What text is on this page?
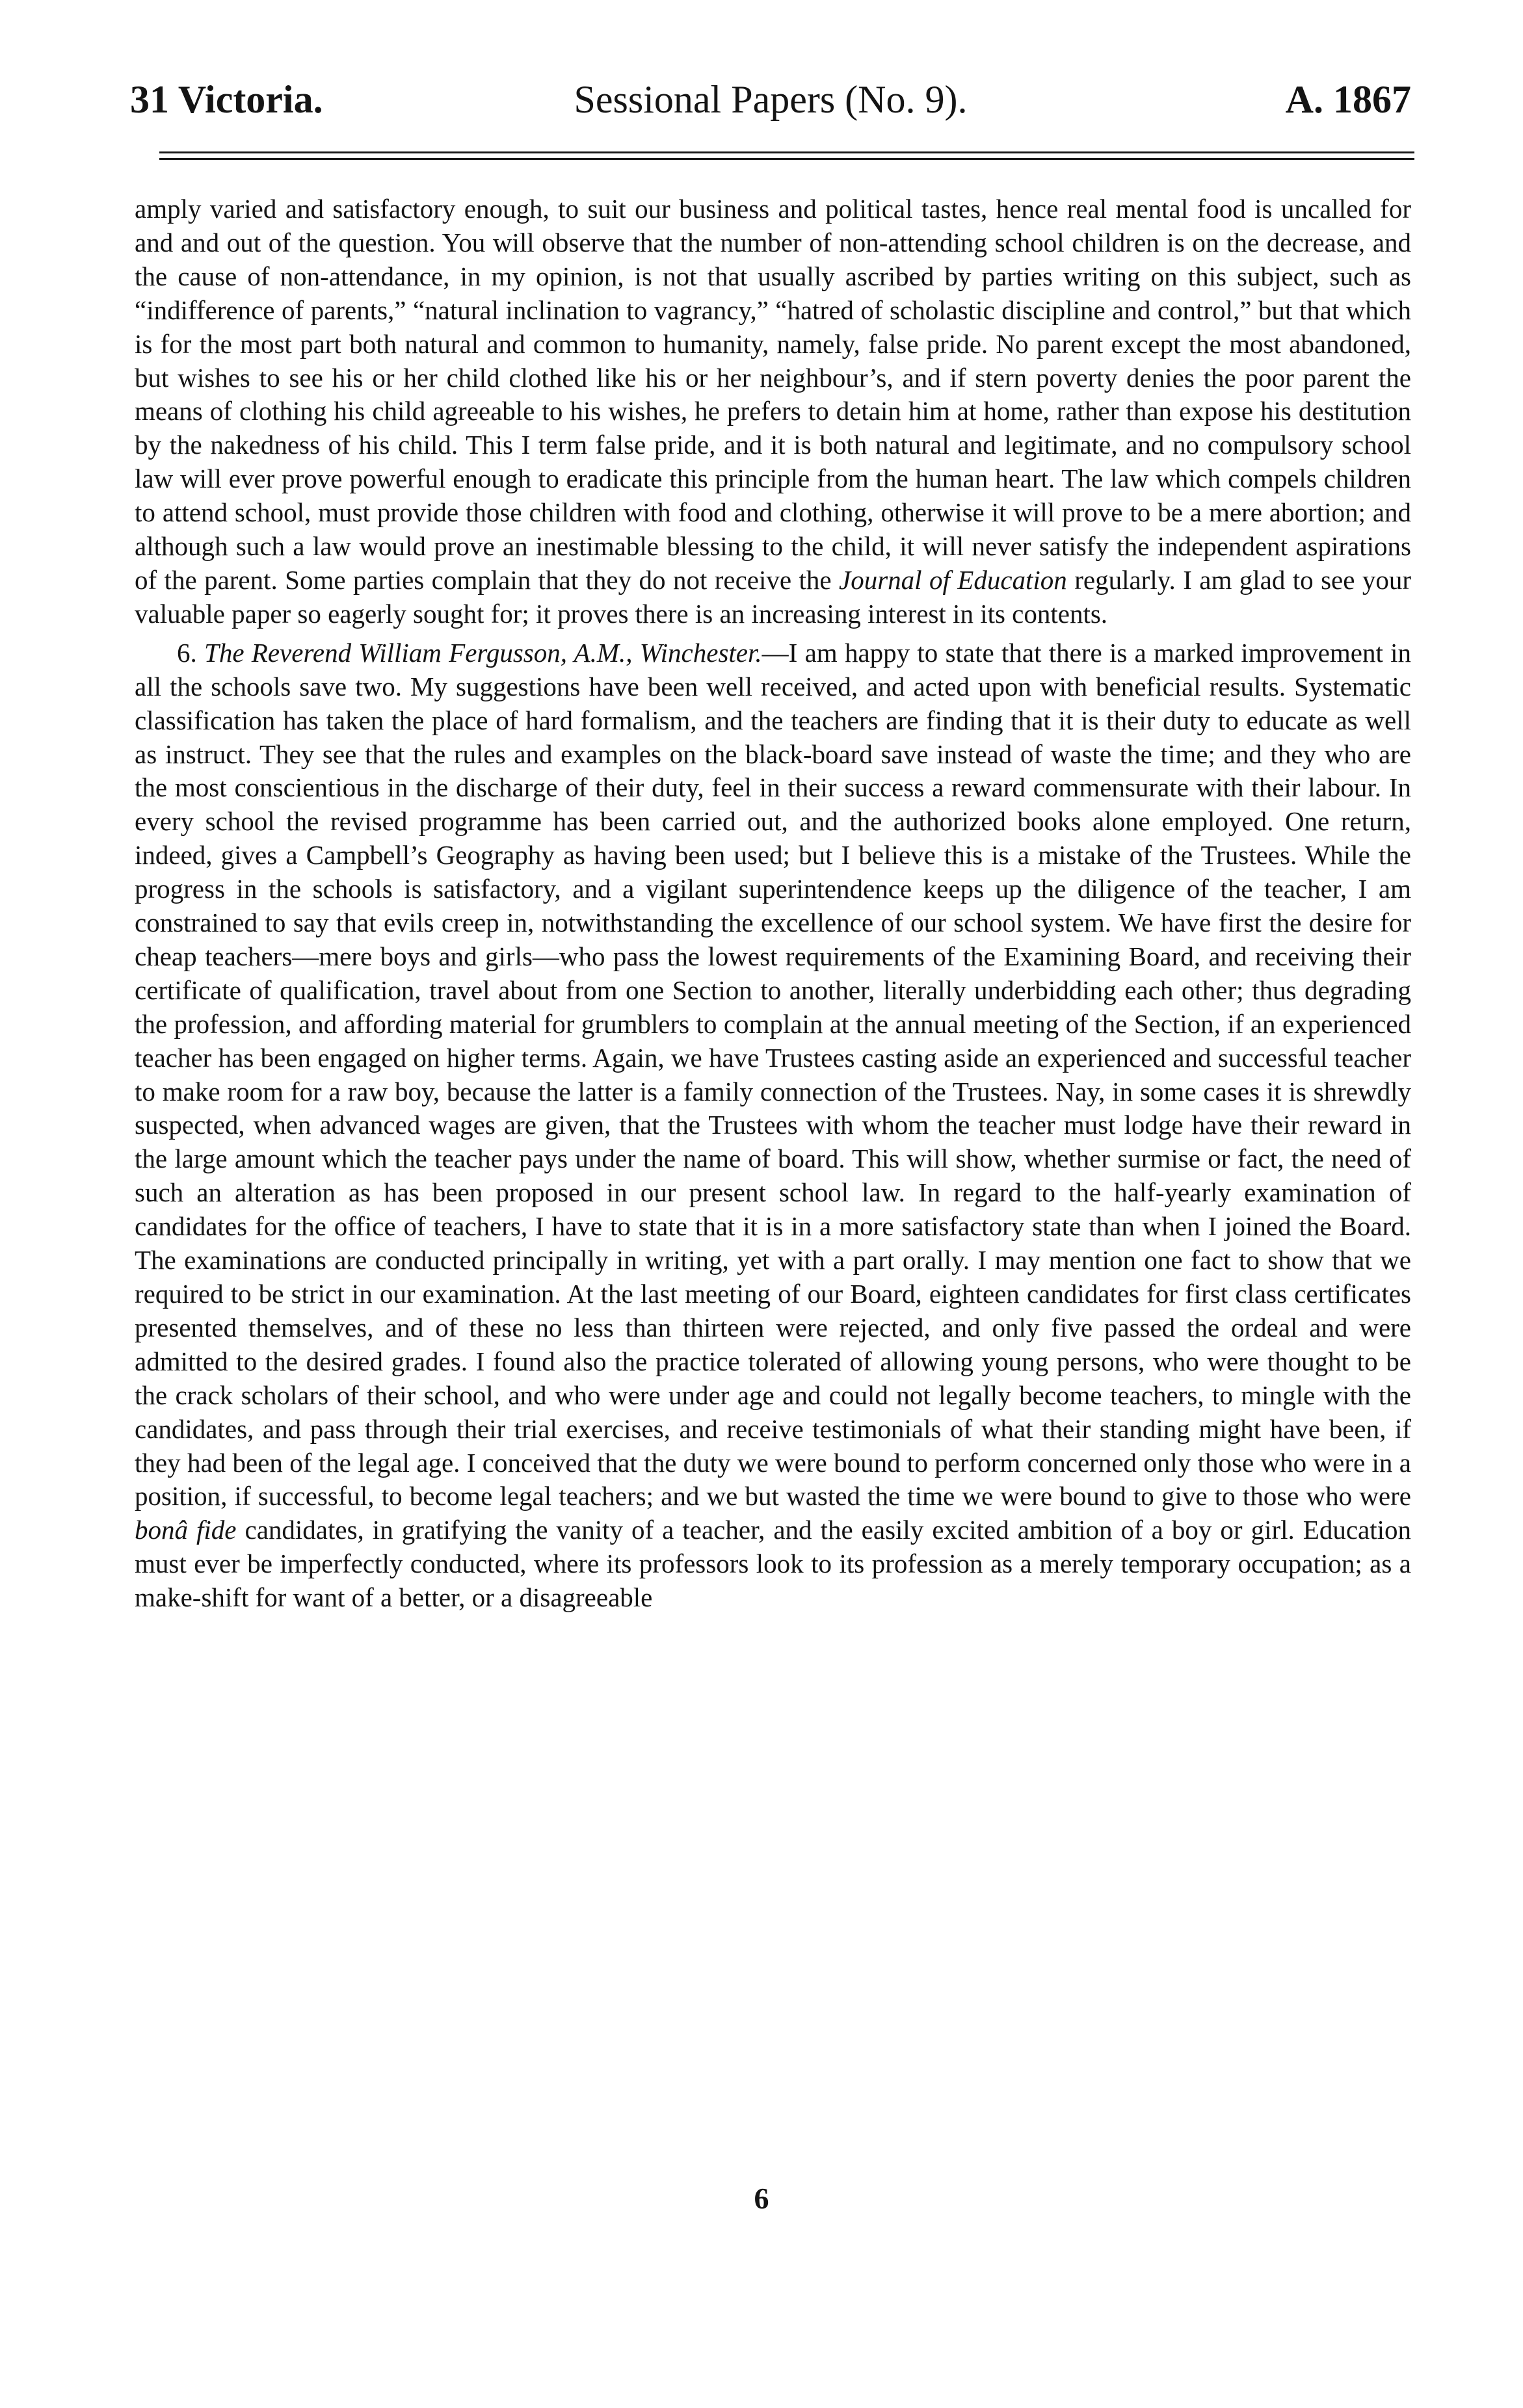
31 Victoria.	Sessional Papers (No. 9).	A. 1867

amply varied and satisfactory enough, to suit our business and political tastes, hence real mental food is uncalled for and and out of the question. You will observe that the number of non-attending school children is on the decrease, and the cause of non-attendance, in my opinion, is not that usually ascribed by parties writing on this subject, such as “indifference of parents,” “natural inclination to vagrancy,” “hatred of scholastic discipline and control,” but that which is for the most part both natural and common to humanity, namely, false pride. No parent except the most abandoned, but wishes to see his or her child clothed like his or her neighbour’s, and if stern poverty denies the poor parent the means of clothing his child agreeable to his wishes, he prefers to detain him at home, rather than expose his destitution by the nakedness of his child. This I term false pride, and it is both natural and legitimate, and no compulsory school law will ever prove powerful enough to eradicate this principle from the human heart. The law which compels children to attend school, must provide those children with food and clothing, otherwise it will prove to be a mere abortion; and although such a law would prove an inestimable blessing to the child, it will never satisfy the independent aspirations of the parent. Some parties complain that they do not receive the Journal of Education regularly. I am glad to see your valuable paper so eagerly sought for; it proves there is an increasing interest in its contents.

6. The Reverend William Fergusson, A.M., Winchester.—I am happy to state that there is a marked improvement in all the schools save two. My suggestions have been well received, and acted upon with beneficial results. Systematic classification has taken the place of hard formalism, and the teachers are finding that it is their duty to educate as well as instruct. They see that the rules and examples on the black-board save instead of waste the time; and they who are the most conscientious in the discharge of their duty, feel in their success a reward commensurate with their labour. In every school the revised programme has been carried out, and the authorized books alone employed. One return, indeed, gives a Campbell’s Geography as having been used; but I believe this is a mistake of the Trustees. While the progress in the schools is satisfactory, and a vigilant superintendence keeps up the diligence of the teacher, I am constrained to say that evils creep in, notwithstanding the excellence of our school system. We have first the desire for cheap teachers—mere boys and girls—who pass the lowest requirements of the Examining Board, and receiving their certificate of qualification, travel about from one Section to another, literally underbidding each other; thus degrading the profession, and affording material for grumblers to complain at the annual meeting of the Section, if an experienced teacher has been engaged on higher terms. Again, we have Trustees casting aside an experienced and successful teacher to make room for a raw boy, because the latter is a family connection of the Trustees. Nay, in some cases it is shrewdly suspected, when advanced wages are given, that the Trustees with whom the teacher must lodge have their reward in the large amount which the teacher pays under the name of board. This will show, whether surmise or fact, the need of such an alteration as has been proposed in our present school law. In regard to the half-yearly examination of candidates for the office of teachers, I have to state that it is in a more satisfactory state than when I joined the Board. The examinations are conducted principally in writing, yet with a part orally. I may mention one fact to show that we required to be strict in our examination. At the last meeting of our Board, eighteen candidates for first class certificates presented themselves, and of these no less than thirteen were rejected, and only five passed the ordeal and were admitted to the desired grades. I found also the practice tolerated of allowing young persons, who were thought to be the crack scholars of their school, and who were under age and could not legally become teachers, to mingle with the candidates, and pass through their trial exercises, and receive testimonials of what their standing might have been, if they had been of the legal age. I conceived that the duty we were bound to perform concerned only those who were in a position, if successful, to become legal teachers; and we but wasted the time we were bound to give to those who were bonâ fide candidates, in gratifying the vanity of a teacher, and the easily excited ambition of a boy or girl. Education must ever be imperfectly conducted, where its professors look to its profession as a merely temporary occupation; as a make-shift for want of a better, or a disagreeable

6
